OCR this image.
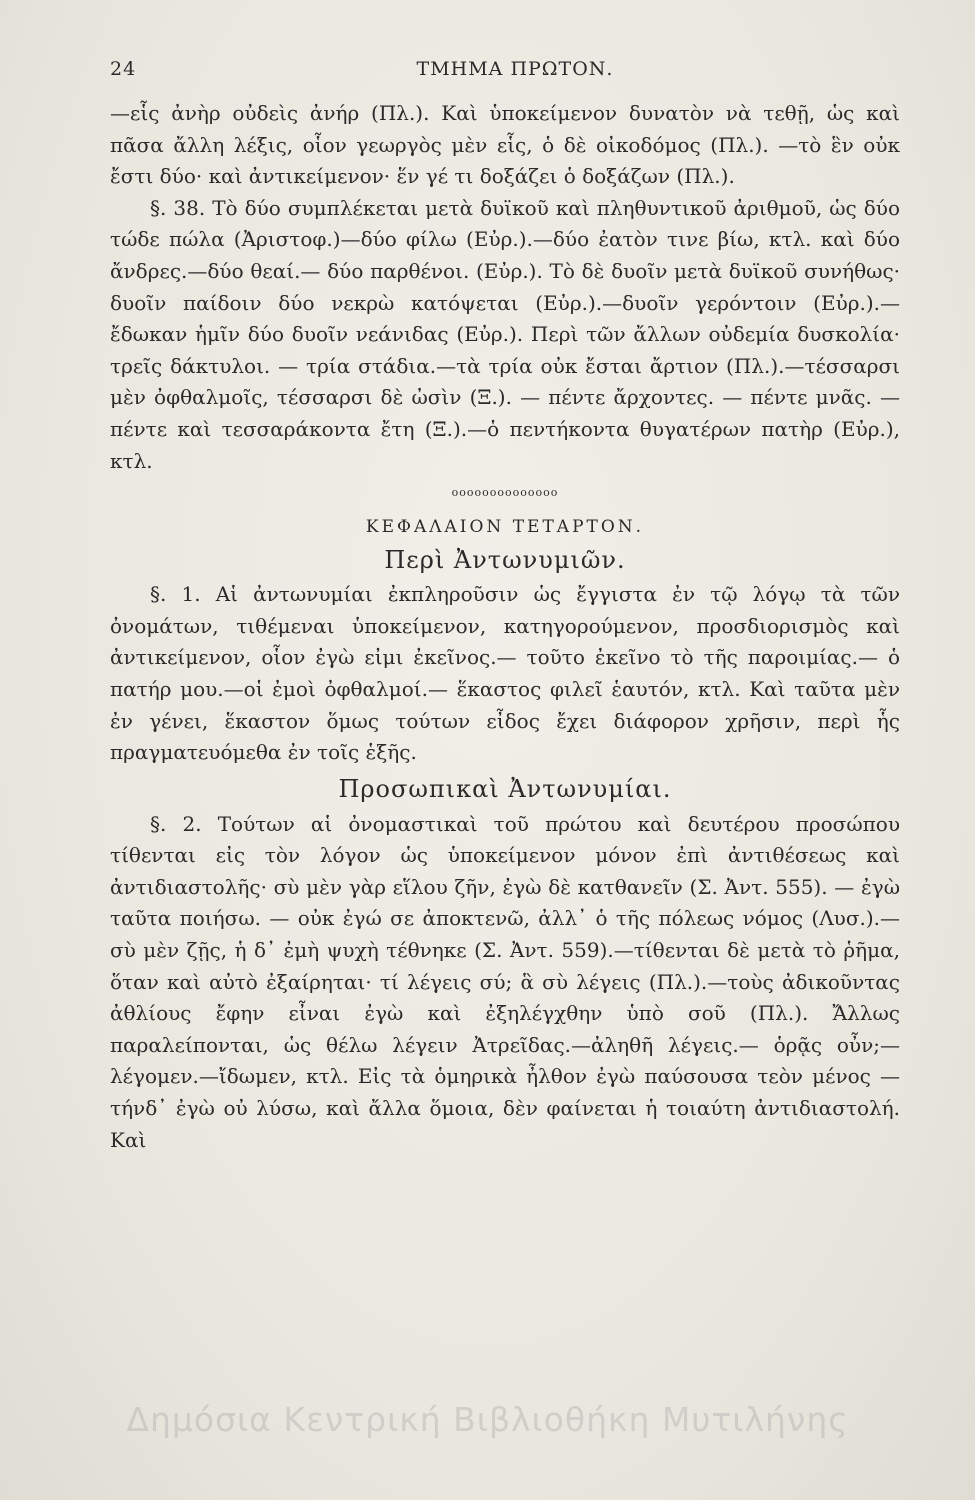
24	ΤΜΗΜΑ ΠΡΩΤΟΝ.

—εἷς ἀνὴρ οὐδεὶς ἀνήρ (Πλ.). Καὶ ὑποκείμενον δυνατὸν νὰ τεθῇ, ὡς καὶ πᾶσα ἄλλη λέξις, οἷον γεωργὸς μὲν εἷς, ὁ δὲ οἰκοδόμος (Πλ.). —τὸ ἓν οὐκ ἔστι δύο· καὶ ἀντικείμενον· ἕν γέ τι δοξάζει ὁ δοξάζων (Πλ.).

§. 38. Τὸ δύο συμπλέκεται μετὰ δυϊκοῦ καὶ πληθυντικοῦ ἀριθμοῦ, ὡς δύο τώδε πώλα (Ἀριστοφ.)—δύο φίλω (Εὐρ.).—δύο ἐατὸν τινε βίω, κτλ. καὶ δύο ἄνδρες.—δύο θεαί.— δύο παρθένοι. (Εὐρ.). Τὸ δὲ δυοῖν μετὰ δυϊκοῦ συνήθως· δυοῖν παίδοιν δύο νεκρὼ κατόψεται (Εὐρ.).—δυοῖν γερόντοιν (Εὐρ.).—ἔδωκαν ἡμῖν δύο δυοῖν νεάνιδας (Εὐρ.). Περὶ τῶν ἄλλων οὐδεμία δυσκολία· τρεῖς δάκτυλοι. — τρία στάδια.—τὰ τρία οὐκ ἔσται ἄρτιον (Πλ.).—τέσσαρσι μὲν ὀφθαλμοῖς, τέσσαρσι δὲ ὠσὶν (Ξ.). — πέντε ἄρχοντες. — πέντε μνᾶς. — πέντε καὶ τεσσαράκοντα ἔτη (Ξ.).—ὁ πεντήκοντα θυγατέρων πατὴρ (Εὐρ.), κτλ.

oooooooooooooo

ΚΕΦΑΛΑΙΟΝ ΤΕΤΑΡΤΟΝ.

Περὶ Ἀντωνυμιῶν.

§. 1. Αἱ ἀντωνυμίαι ἐκπληροῦσιν ὡς ἔγγιστα ἐν τῷ λόγῳ τὰ τῶν ὀνομάτων, τιθέμεναι ὑποκείμενον, κατηγορούμενον, προσδιορισμὸς καὶ ἀντικείμενον, οἷον ἐγὼ εἰμι ἐκεῖνος.— τοῦτο ἐκεῖνο τὸ τῆς παροιμίας.— ὁ πατήρ μου.—οἱ ἐμοὶ ὀφθαλμοί.— ἕκαστος φιλεῖ ἑαυτόν, κτλ. Καὶ ταῦτα μὲν ἐν γένει, ἕκαστον ὅμως τούτων εἶδος ἔχει διάφορον χρῆσιν, περὶ ἧς πραγματευόμεθα ἐν τοῖς ἑξῆς.

Προσωπικαὶ Ἀντωνυμίαι.

§. 2. Τούτων αἱ ὀνομαστικαὶ τοῦ πρώτου καὶ δευτέρου προσώπου τίθενται εἰς τὸν λόγον ὡς ὑποκείμενον μόνον ἐπὶ ἀντιθέσεως καὶ ἀντιδιαστολῆς· σὺ μὲν γὰρ εἵλου ζῆν, ἐγὼ δὲ κατθανεῖν (Σ. Ἀντ. 555). — ἐγὼ ταῦτα ποιήσω. — οὐκ ἐγώ σε ἀποκτενῶ, ἀλλ᾽ ὁ τῆς πόλεως νόμος (Λυσ.).—σὺ μὲν ζῇς, ἡ δ᾽ ἐμὴ ψυχὴ τέθνηκε (Σ. Ἀντ. 559).—τίθενται δὲ μετὰ τὸ ῥῆμα, ὅταν καὶ αὐτὸ ἐξαίρηται· τί λέγεις σύ; ἃ σὺ λέγεις (Πλ.).—τοὺς ἀδικοῦντας ἀθλίους ἔφην εἶναι ἐγὼ καὶ ἐξηλέγχθην ὑπὸ σοῦ (Πλ.). Ἄλλως παραλείπονται, ὡς θέλω λέγειν Ἀτρεῖδας.—ἀληθῆ λέγεις.— ὁρᾷς οὖν;—λέγομεν.—ἴδωμεν, κτλ. Εἰς τὰ ὁμηρικὰ ἦλθον ἐγὼ παύσουσα τεὸν μένος —τήνδ᾽ ἐγὼ οὐ λύσω, καὶ ἄλλα ὅμοια, δὲν φαίνεται ἡ τοιαύτη ἀντιδιαστολή. Καὶ

Δημόσια Κεντρική Βιβλιοθήκη Μυτιλήνης
